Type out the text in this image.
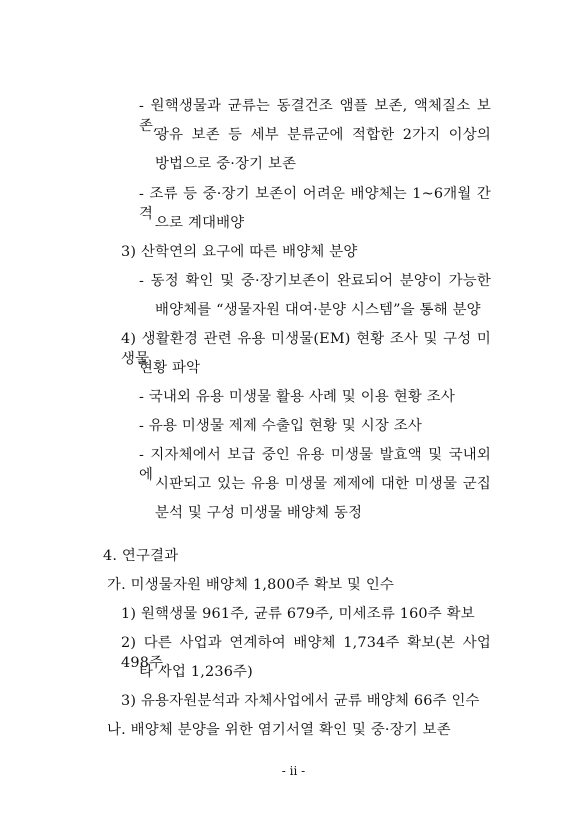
- 원핵생물과 균류는 동결건조 앰플 보존, 액체질소 보존,
광유 보존 등 세부 분류군에 적합한 2가지 이상의
방법으로 중·장기 보존
- 조류 등 중·장기 보존이 어려운 배양체는 1~6개월 간격
으로 계대배양
3) 산학연의 요구에 따른 배양체 분양
- 동정 확인 및 중·장기보존이 완료되어 분양이 가능한
배양체를 “생물자원 대여·분양 시스템”을 통해 분양
4) 생활환경 관련 유용 미생물(EM) 현황 조사 및 구성 미생물
현황 파악
- 국내외 유용 미생물 활용 사례 및 이용 현황 조사
- 유용 미생물 제제 수출입 현황 및 시장 조사
- 지자체에서 보급 중인 유용 미생물 발효액 및 국내외에
시판되고 있는 유용 미생물 제제에 대한 미생물 군집
분석 및 구성 미생물 배양체 동정
4. 연구결과
가. 미생물자원 배양체 1,800주 확보 및 인수
1) 원핵생물 961주, 균류 679주, 미세조류 160주 확보
2) 다른 사업과 연계하여 배양체 1,734주 확보(본 사업 498주,
타 사업 1,236주)
3) 유용자원분석과 자체사업에서 균류 배양체 66주 인수
나. 배양체 분양을 위한 염기서열 확인 및 중·장기 보존
- ii -
